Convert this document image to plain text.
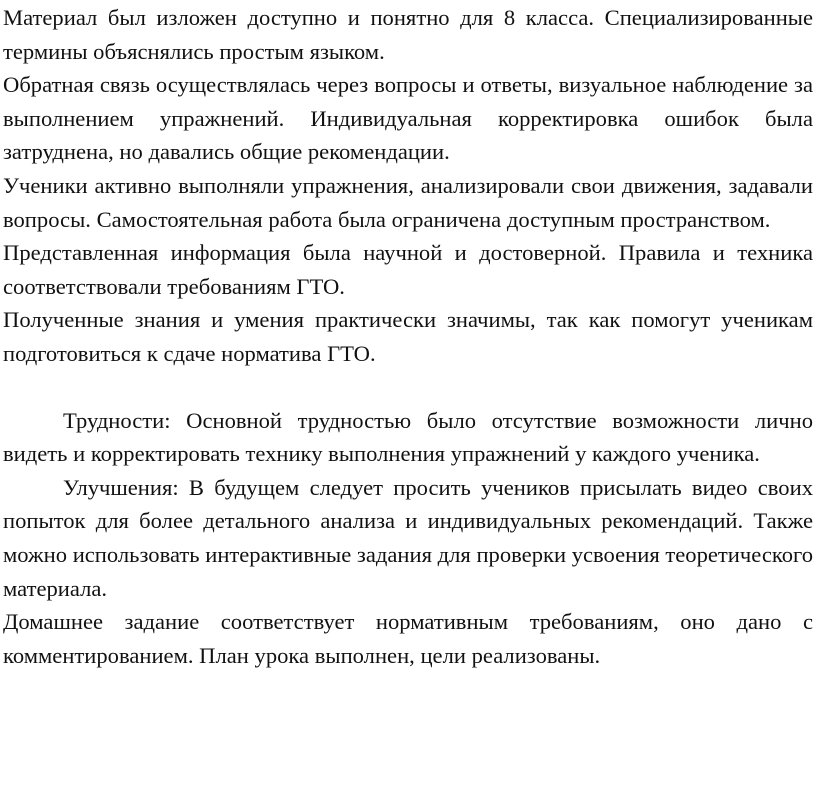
Материал был изложен доступно и понятно для 8 класса. Специализированные термины объяснялись простым языком.

Обратная связь осуществлялась через вопросы и ответы, визуальное наблюдение за выполнением упражнений. Индивидуальная корректировка ошибок была затруднена, но давались общие рекомендации.

Ученики активно выполняли упражнения, анализировали свои движения, задавали вопросы. Самостоятельная работа была ограничена доступным пространством.

Представленная информация была научной и достоверной. Правила и техника соответствовали требованиям ГТО.

Полученные знания и умения практически значимы, так как помогут ученикам подготовиться к сдаче норматива ГТО.

Трудности: Основной трудностью было отсутствие возможности лично видеть и корректировать технику выполнения упражнений у каждого ученика.

Улучшения: В будущем следует просить учеников присылать видео своих попыток для более детального анализа и индивидуальных рекомендаций. Также можно использовать интерактивные задания для проверки усвоения теоретического материала.

Домашнее задание соответствует нормативным требованиям, оно дано с комментированием. План урока выполнен, цели реализованы.
